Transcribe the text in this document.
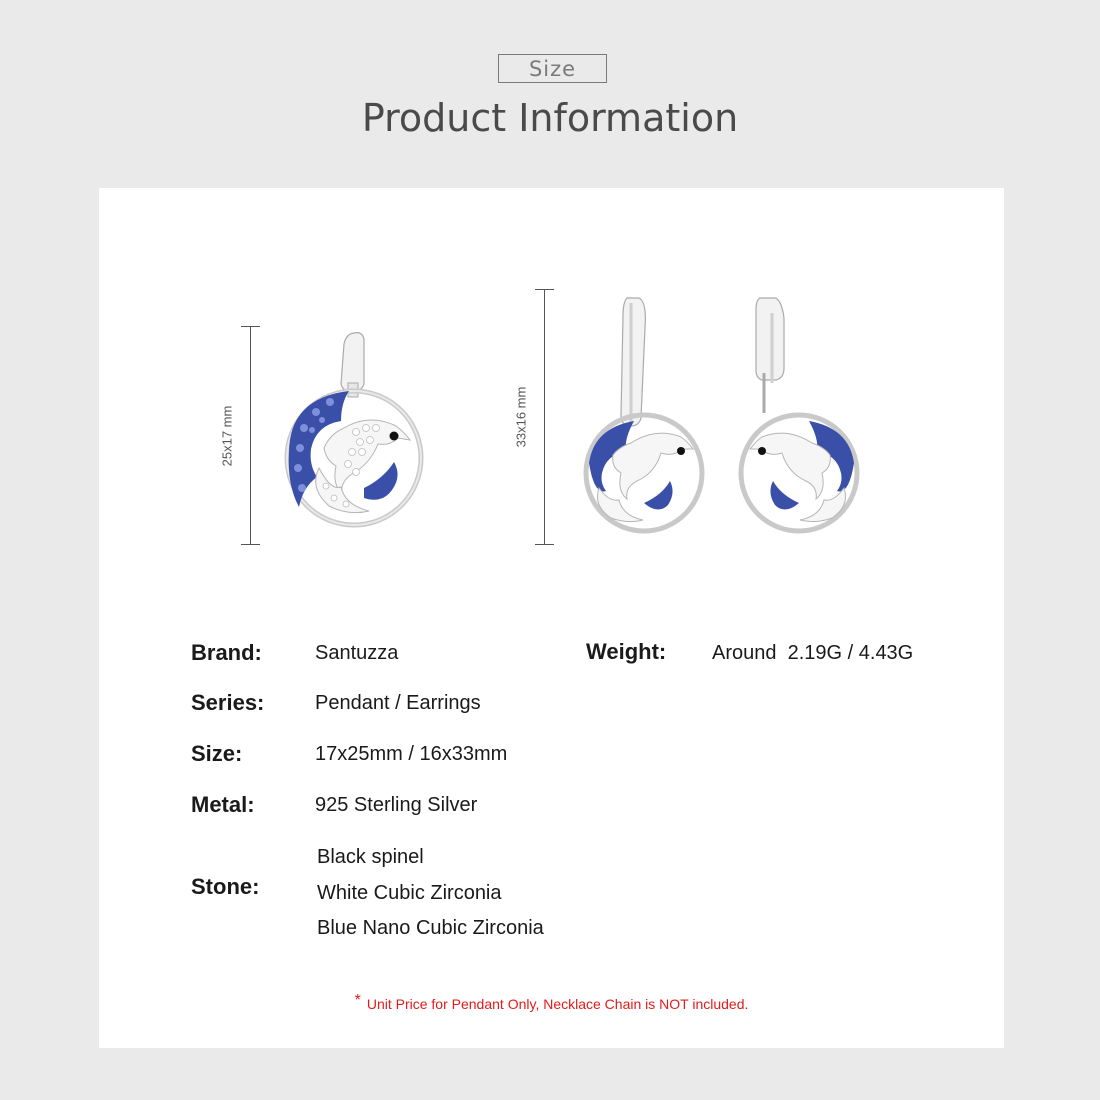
Size
Product Information
25x17 mm	33x16 mm
Brand:	Santuzza	Weight: Around  2.19G / 4.43G
Series:	Pendant / Earrings
Size:	17x25mm / 16x33mm
Metal:	925 Sterling Silver
Stone:
Black spinel
White Cubic Zirconia
Blue Nano Cubic Zirconia
* Unit Price for Pendant Only, Necklace Chain is NOT included.
